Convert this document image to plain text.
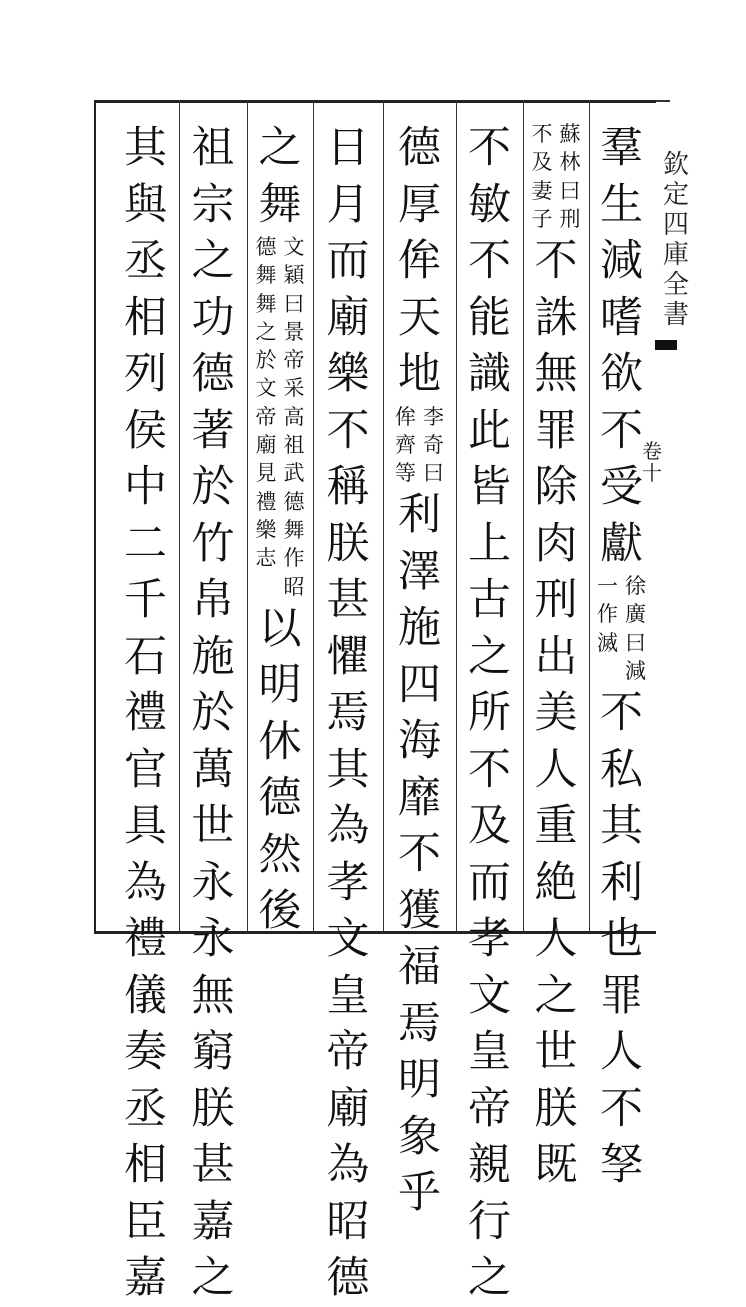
羣
生
減
嗜
欲
不
受
獻
一
作
滅
徐
廣
曰
減
不
私
其
利
也
罪
人
不
孥
不
及
妻
子
蘇
林
曰
刑
不
誅
無
罪
除
肉
刑
出
美
人
重
絶
人
之
世
朕
既
不
敏
不
能
識
此
皆
上
古
之
所
不
及
而
孝
文
皇
帝
親
行
之
德
厚
侔
天
地
侔
齊
等
李
奇
曰
利
澤
施
四
海
靡
不
獲
福
焉
明
象
乎
日
月
而
廟
樂
不
稱
朕
甚
懼
焉
其
為
孝
文
皇
帝
廟
為
昭
德
之
舞
德
舞
舞
之
於
文
帝
廟
見
禮
樂
志
文
穎
曰
景
帝
采
高
祖
武
德
舞
作
昭
以
明
休
德
然
後
祖
宗
之
功
德
著
於
竹
帛
施
於
萬
世
永
永
無
窮
朕
甚
嘉
之
其
與
丞
相
列
侯
中
二
千
石
禮
官
具
為
禮
儀
奏
丞
相
臣
嘉
欽
定
四
庫
全
書
卷
十
